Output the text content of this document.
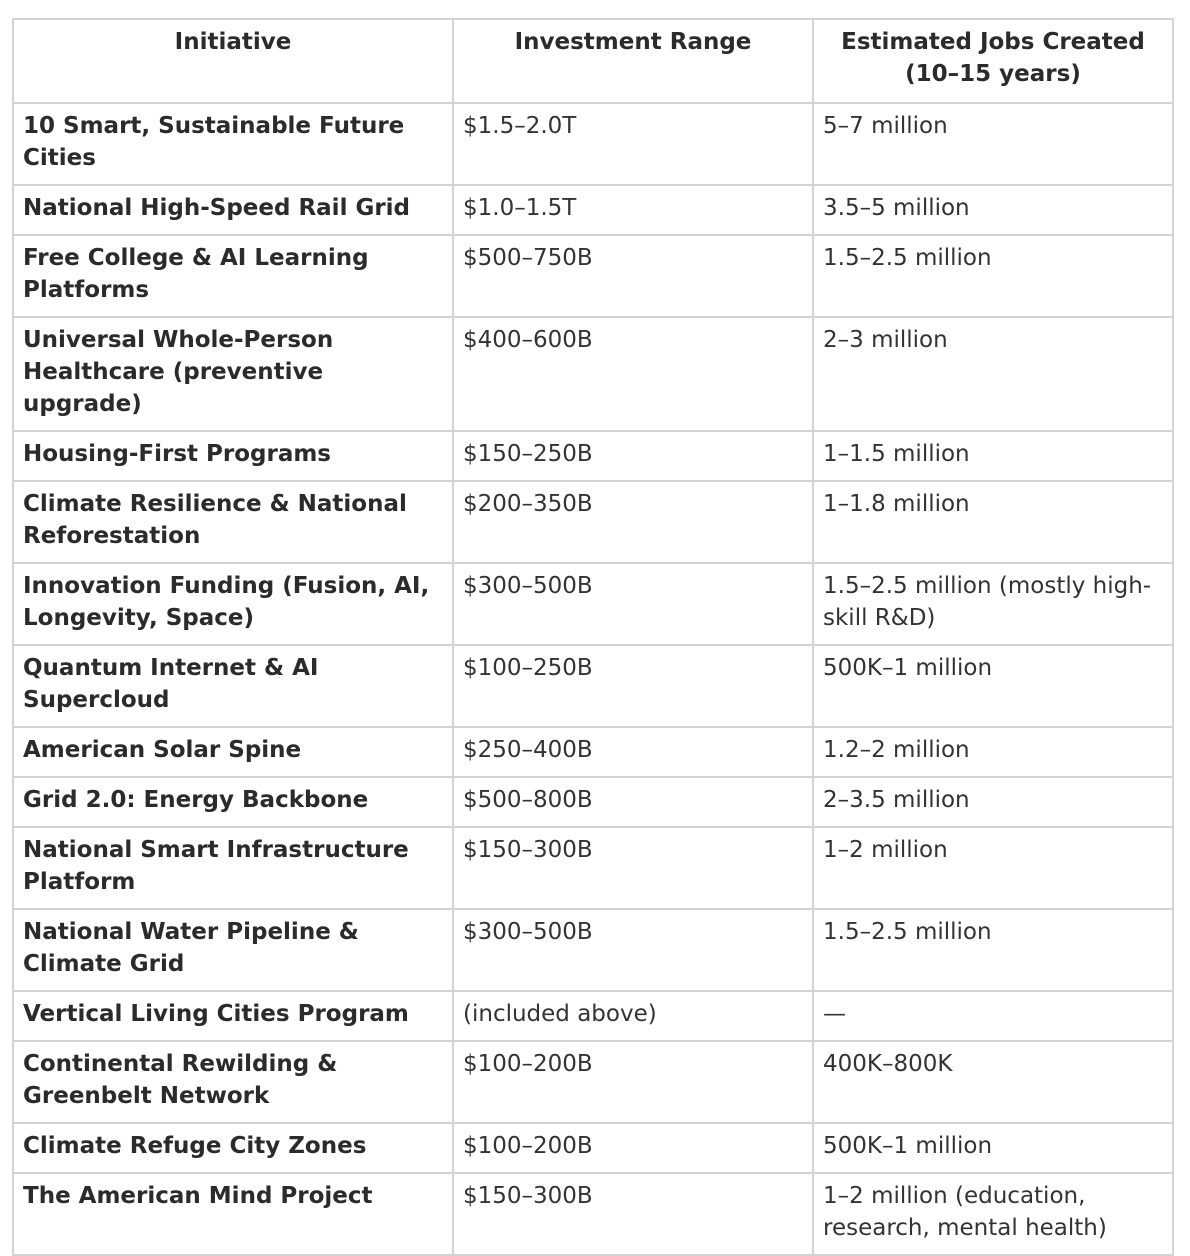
Initiative	Investment Range	Estimated Jobs Created (10–15 years)
10 Smart, Sustainable Future Cities	$1.5–2.0T	5–7 million
National High-Speed Rail Grid	$1.0–1.5T	3.5–5 million
Free College & AI Learning Platforms	$500–750B	1.5–2.5 million
Universal Whole-Person Healthcare (preventive upgrade)	$400–600B	2–3 million
Housing-First Programs	$150–250B	1–1.5 million
Climate Resilience & National Reforestation	$200–350B	1–1.8 million
Innovation Funding (Fusion, AI, Longevity, Space)	$300–500B	1.5–2.5 million (mostly high-skill R&D)
Quantum Internet & AI Supercloud	$100–250B	500K–1 million
American Solar Spine	$250–400B	1.2–2 million
Grid 2.0: Energy Backbone	$500–800B	2–3.5 million
National Smart Infrastructure Platform	$150–300B	1–2 million
National Water Pipeline & Climate Grid	$300–500B	1.5–2.5 million
Vertical Living Cities Program	(included above)	—
Continental Rewilding & Greenbelt Network	$100–200B	400K–800K
Climate Refuge City Zones	$100–200B	500K–1 million
The American Mind Project	$150–300B	1–2 million (education, research, mental health)
